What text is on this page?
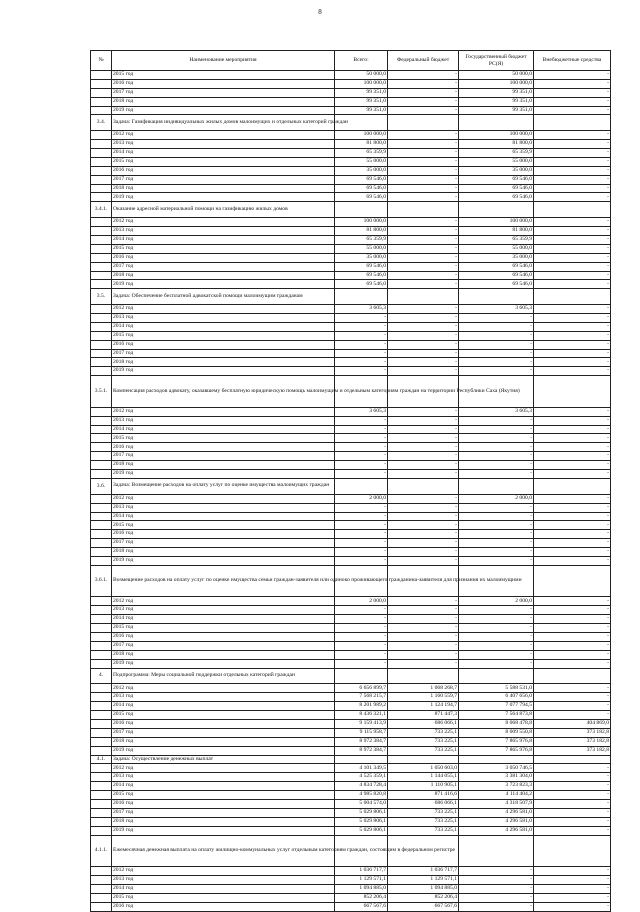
8
№	Наименование мероприятия	Всего:	Федеральный бюджет	Государственный бюджет РС(Я)	Внебюджетные средства
	2015 год	50 000,0	-	50 000,0	-
	2016 год	100 000,0	-	100 000,0	-
	2017 год	99 351,0	-	99 351,0	-
	2018 год	99 351,0	-	99 351,0	-
	2019 год	99 351,0	-	99 351,0	-
3.4.	Задача: Газификация индивидуальных жилых домов малоимущих и отдельных категорий граждан				
	2012 год	100 000,0	-	100 000,0	-
	2013 год	81 800,0	-	81 800,0	-
	2014 год	65 359,9	-	65 359,9	-
	2015 год	55 000,0	-	55 000,0	-
	2016 год	35 000,0	-	35 000,0	-
	2017 год	69 546,0	-	69 546,0	-
	2018 год	69 546,0	-	69 546,0	-
	2019 год	69 546,0	-	69 546,0	-
3.4.1.	Оказание адресной материальной помощи на газификацию жилых домов				
	2012 год	100 000,0	-	100 000,0	-
	2013 год	81 800,0	-	81 800,0	-
	2014 год	65 359,9	-	65 359,9	-
	2015 год	55 000,0	-	55 000,0	-
	2016 год	35 000,0	-	35 000,0	-
	2017 год	69 546,0	-	69 546,0	-
	2018 год	69 546,0	-	69 546,0	-
	2019 год	69 546,0	-	69 546,0	-
3.5.	Задача: Обеспечение бесплатной адвокатской помощи малоимущим гражданам				
	2012 год	3 605,3	-	3 605,3	-
	2013 год	-	-	-	-
	2014 год	-	-	-	-
	2015 год	-	-	-	-
	2016 год	-	-	-	-
	2017 год	-	-	-	-
	2018 год	-	-	-	-
	2019 год	-	-	-	-
3.5.1.	Компенсация расходов адвокату, оказавшему бесплатную юридическую помощь малоимущим и отдельным категориям граждан на территории Республики Саха (Якутия)				
	2012 год	3 605,3	-	3 605,3	-
	2013 год	-	-	-	-
	2014 год	-	-	-	-
	2015 год	-	-	-	-
	2016 год	-	-	-	-
	2017 год	-	-	-	-
	2018 год	-	-	-	-
	2019 год	-	-	-	-
3.6.	Задача: Возмещение расходов на оплату услуг по оценке имущества малоимущих граждан				
	2012 год	2 000,0	-	2 000,0	-
	2013 год	-	-	-	-
	2014 год	-	-	-	-
	2015 год	-	-	-	-
	2016 год	-	-	-	-
	2017 год	-	-	-	-
	2018 год	-	-	-	-
	2019 год	-	-	-	-
3.6.1.	Возмещение расходов на оплату услуг по оценке имущества семьи граждан-заявителя или одиноко проживающего гражданина-заявителя для признания их малоимущими				
	2012 год	2 000,0	-	2 000,0	-
	2013 год	-	-	-	-
	2014 год	-	-	-	-
	2015 год	-	-	-	-
	2016 год	-	-	-	-
	2017 год	-	-	-	-
	2018 год	-	-	-	-
	2019 год	-	-	-	-
4.	Подпрограмма: Меры социальной поддержки отдельных категорий граждан				
	2012 год	6 656 899,7	1 068 268,7	5 588 531,0	-
	2013 год	7 568 215,7	1 160 559,7	6 407 656,0	-
	2014 год	8 201 989,2	1 124 194,7	7 077 794,5	-
	2015 год	8 436 321,1	871 447,3	7 564 873,8	-
	2016 год	9 159 413,9	686 066,1	8 068 478,8	404 869,0
	2017 год	9 115 958,7	733 225,1	8 009 550,8	373 182,8
	2018 год	8 972 384,7	733 225,1	7 865 976,8	373 182,8
	2019 год	8 972 384,7	733 225,1	7 865 976,8	373 182,8
4.1.	Задача: Осуществление денежных выплат				
	2012 год	4 101 349,5	1 050 603,0	3 050 746,5	-
	2013 год	4 525 359,1	1 144 055,1	3 381 304,0	-
	2014 год	4 834 728,4	1 110 905,1	3 723 823,3	-
	2015 год	4 985 820,8	871 416,6	4 114 404,2	-
	2016 год	5 004 574,0	686 066,1	4 318 507,9	-
	2017 год	5 029 806,1	733 225,1	4 296 581,0	-
	2018 год	5 029 806,1	733 225,1	4 296 581,0	-
	2019 год	5 029 806,1	733 225,1	4 296 581,0	-
4.1.1.	Ежемесячная денежная выплата на оплату жилищно-коммунальных услуг отдельным категориям граждан, состоящим в федеральном регистре				
	2012 год	1 036 717,7	1 036 717,7	-	-
	2013 год	1 129 571,1	1 129 571,1	-	-
	2014 год	1 094 885,0	1 094 885,0	-	-
	2015 год	852 206,4	852 206,4	-	-
	2016 год	667 567,6	667 567,6	-	-
